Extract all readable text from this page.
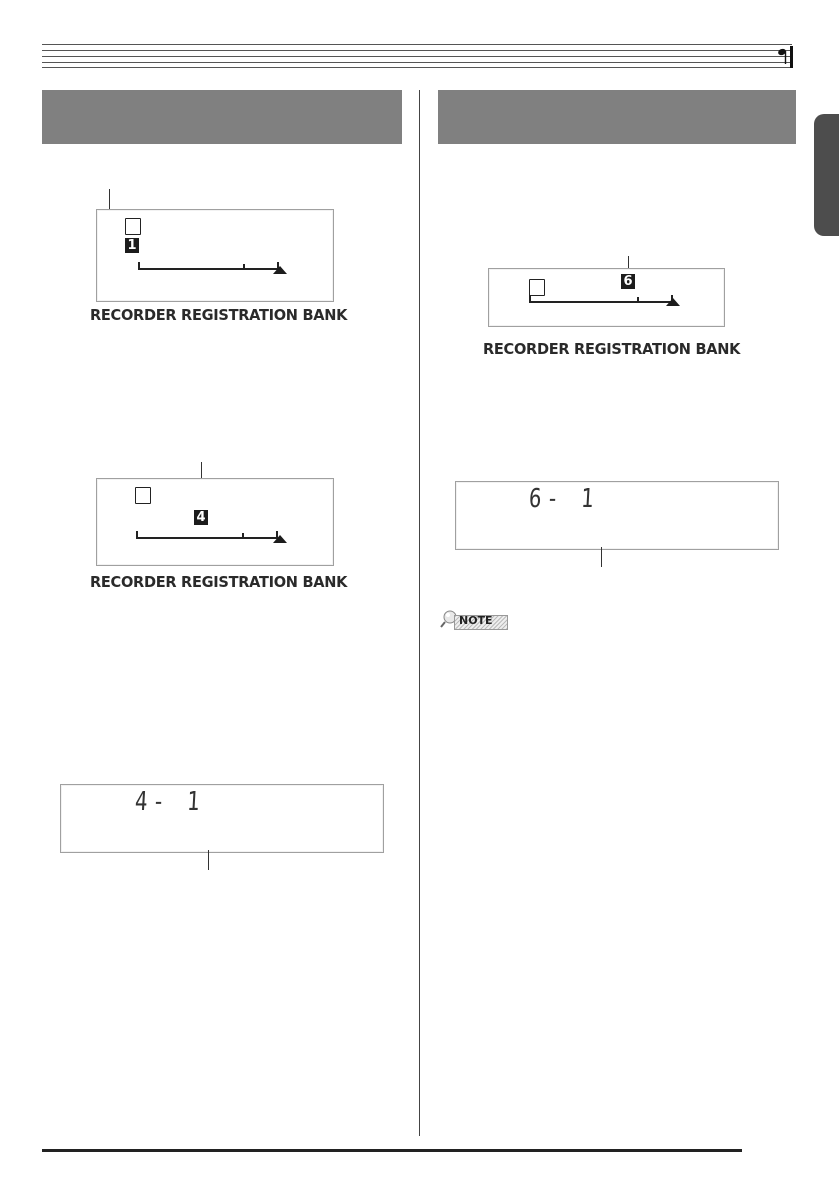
1
RECORDER REGISTRATION BANK
4
RECORDER REGISTRATION BANK
4- 1
6
RECORDER REGISTRATION BANK
6- 1
NOTE
